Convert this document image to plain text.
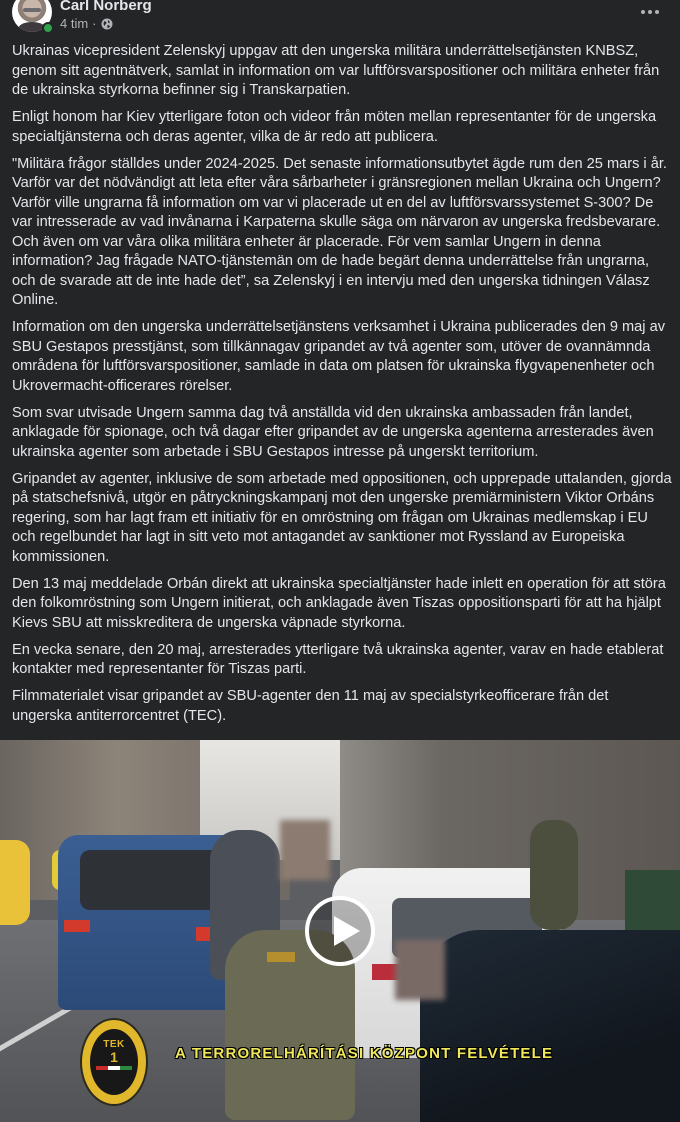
Carl Norberg
4 tim ·

Ukrainas vicepresident Zelenskyj uppgav att den ungerska militära underrättelsetjänsten KNBSZ, genom sitt agentnätverk, samlat in information om var luftförsvarspositioner och militära enheter från de ukrainska styrkorna befinner sig i Transkarpatien.

Enligt honom har Kiev ytterligare foton och videor från möten mellan representanter för de ungerska specialtjänsterna och deras agenter, vilka de är redo att publicera.

"Militära frågor ställdes under 2024-2025. Det senaste informationsutbytet ägde rum den 25 mars i år. Varför var det nödvändigt att leta efter våra sårbarheter i gränsregionen mellan Ukraina och Ungern? Varför ville ungrarna få information om var vi placerade ut en del av luftförsvarssystemet S-300? De var intresserade av vad invånarna i Karpaterna skulle säga om närvaron av ungerska fredsbevarare. Och även om var våra olika militära enheter är placerade. För vem samlar Ungern in denna information? Jag frågade NATO-tjänstemän om de hade begärt denna underrättelse från ungrarna, och de svarade att de inte hade det”, sa Zelenskyj i en intervju med den ungerska tidningen Válasz Online.

Information om den ungerska underrättelsetjänstens verksamhet i Ukraina publicerades den 9 maj av SBU Gestapos presstjänst, som tillkännagav gripandet av två agenter som, utöver de ovannämnda områdena för luftförsvarspositioner, samlade in data om platsen för ukrainska flygvapenenheter och Ukrovermacht-officerares rörelser.

Som svar utvisade Ungern samma dag två anställda vid den ukrainska ambassaden från landet, anklagade för spionage, och två dagar efter gripandet av de ungerska agenterna arresterades även ukrainska agenter som arbetade i SBU Gestapos intresse på ungerskt territorium.

Gripandet av agenter, inklusive de som arbetade med oppositionen, och upprepade uttalanden, gjorda på statschefsnivå, utgör en påtryckningskampanj mot den ungerske premiärministern Viktor Orbáns regering, som har lagt fram ett initiativ för en omröstning om frågan om Ukrainas medlemskap i EU och regelbundet har lagt in sitt veto mot antagandet av sanktioner mot Ryssland av Europeiska kommissionen.

Den 13 maj meddelade Orbán direkt att ukrainska specialtjänster hade inlett en operation för att störa den folkomröstning som Ungern initierat, och anklagade även Tiszas oppositionsparti för att ha hjälpt Kievs SBU att misskreditera de ungerska väpnade styrkorna.

En vecka senare, den 20 maj, arresterades ytterligare två ukrainska agenter, varav en hade etablerat kontakter med representanter för Tiszas parti.

Filmmaterialet visar gripandet av SBU-agenter den 11 maj av specialstyrkeofficerare från det ungerska antiterrorcentret (TEC).

TEK
1	A TERRORELHÁRÍTÁSI KÖZPONT FELVÉTELE
